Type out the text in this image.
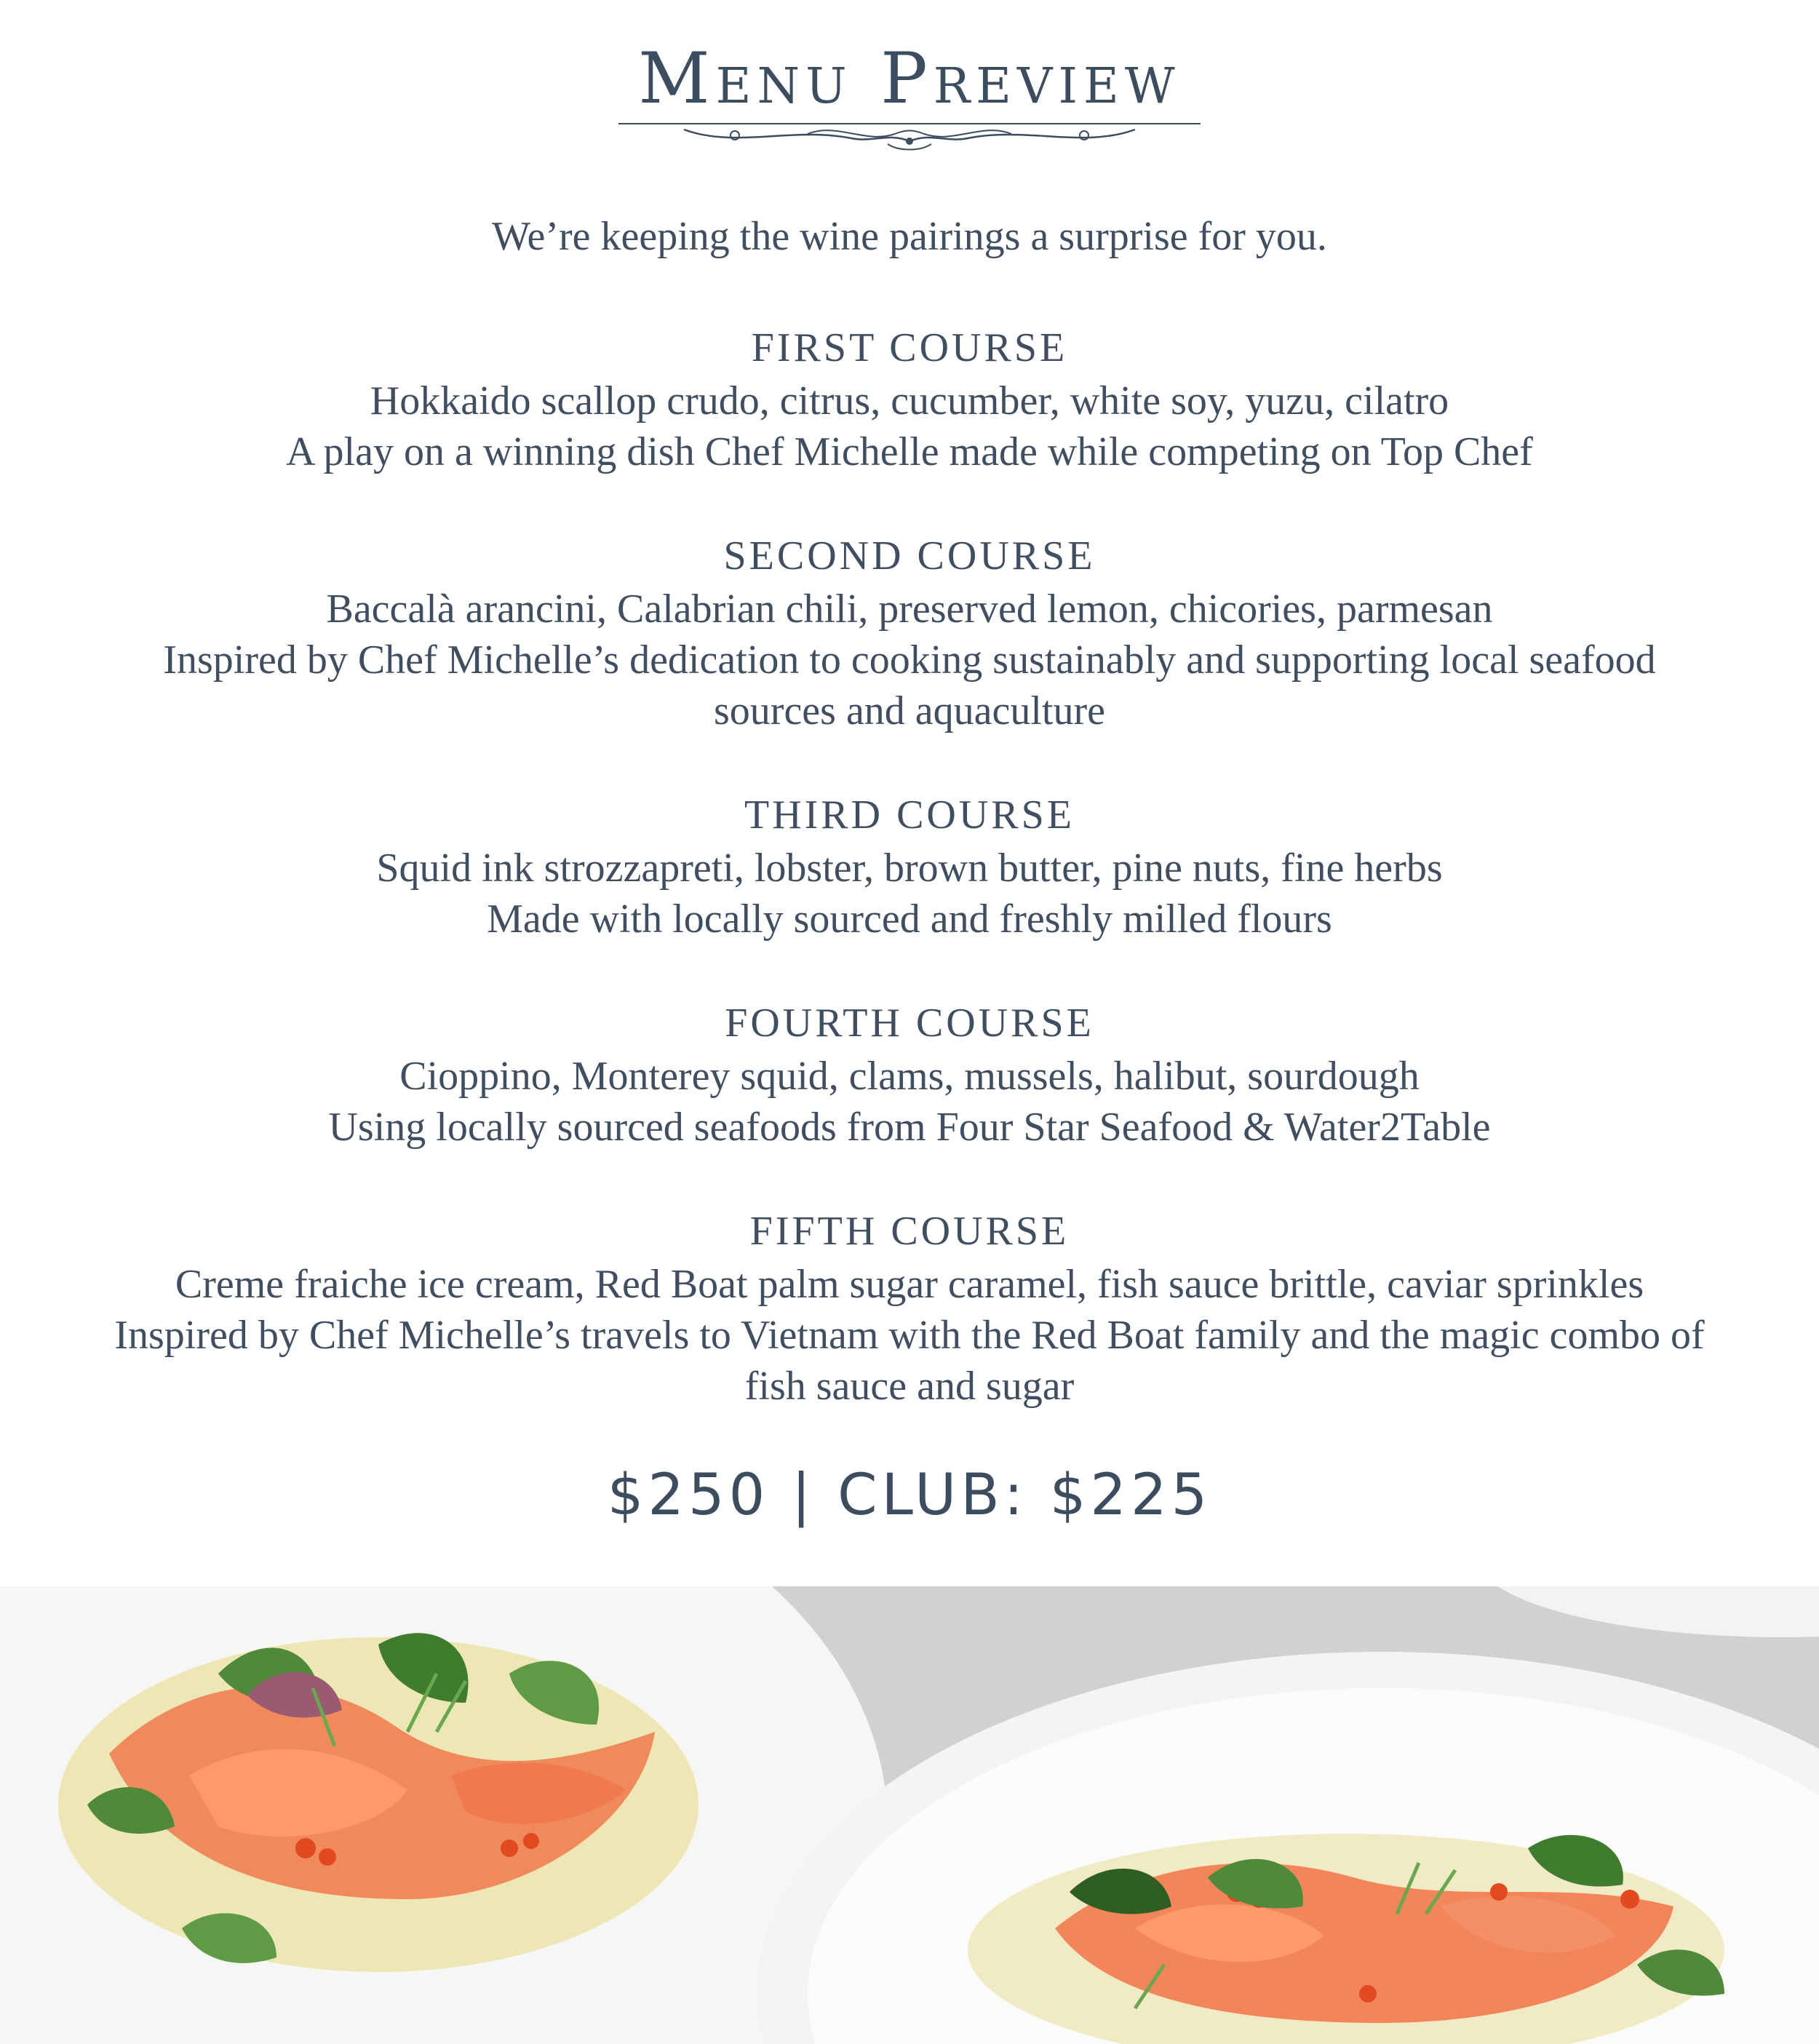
Menu Preview
We’re keeping the wine pairings a surprise for you.
FIRST COURSE
Hokkaido scallop crudo, citrus, cucumber, white soy, yuzu, cilatro
A play on a winning dish Chef Michelle made while competing on Top Chef
SECOND COURSE
Baccalà arancini, Calabrian chili, preserved lemon, chicories, parmesan
Inspired by Chef Michelle’s dedication to cooking sustainably and supporting local seafood sources and aquaculture
THIRD COURSE
Squid ink strozzapreti, lobster, brown butter, pine nuts, fine herbs
Made with locally sourced and freshly milled flours
FOURTH COURSE
Cioppino, Monterey squid, clams, mussels, halibut, sourdough
Using locally sourced seafoods from Four Star Seafood & Water2Table
FIFTH COURSE
Creme fraiche ice cream, Red Boat palm sugar caramel, fish sauce brittle, caviar sprinkles
Inspired by Chef Michelle’s travels to Vietnam with the Red Boat family and the magic combo of fish sauce and sugar
$250 | CLUB: $225
